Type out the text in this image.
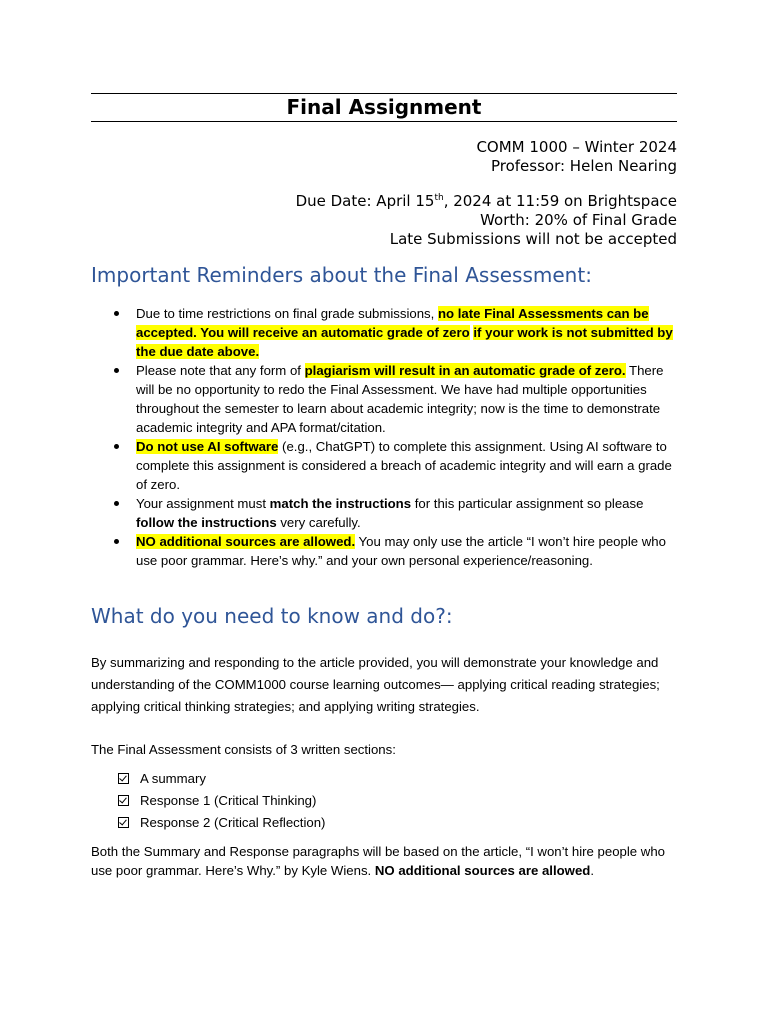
Final Assignment
COMM 1000 – Winter 2024
Professor: Helen Nearing
Due Date: April 15th, 2024 at 11:59 on Brightspace
Worth: 20% of Final Grade
Late Submissions will not be accepted
Important Reminders about the Final Assessment:
Due to time restrictions on final grade submissions, no late Final Assessments can be accepted. You will receive an automatic grade of zero if your work is not submitted by the due date above.
Please note that any form of plagiarism will result in an automatic grade of zero. There will be no opportunity to redo the Final Assessment. We have had multiple opportunities throughout the semester to learn about academic integrity; now is the time to demonstrate academic integrity and APA format/citation.
Do not use AI software (e.g., ChatGPT) to complete this assignment. Using AI software to complete this assignment is considered a breach of academic integrity and will earn a grade of zero.
Your assignment must match the instructions for this particular assignment so please follow the instructions very carefully.
NO additional sources are allowed. You may only use the article “I won’t hire people who use poor grammar. Here’s why.” and your own personal experience/reasoning.
What do you need to know and do?:
By summarizing and responding to the article provided, you will demonstrate your knowledge and understanding of the COMM1000 course learning outcomes— applying critical reading strategies; applying critical thinking strategies; and applying writing strategies.
The Final Assessment consists of 3 written sections:
A summary
Response 1 (Critical Thinking)
Response 2 (Critical Reflection)
Both the Summary and Response paragraphs will be based on the article, “I won’t hire people who use poor grammar. Here’s Why.” by Kyle Wiens. NO additional sources are allowed.
